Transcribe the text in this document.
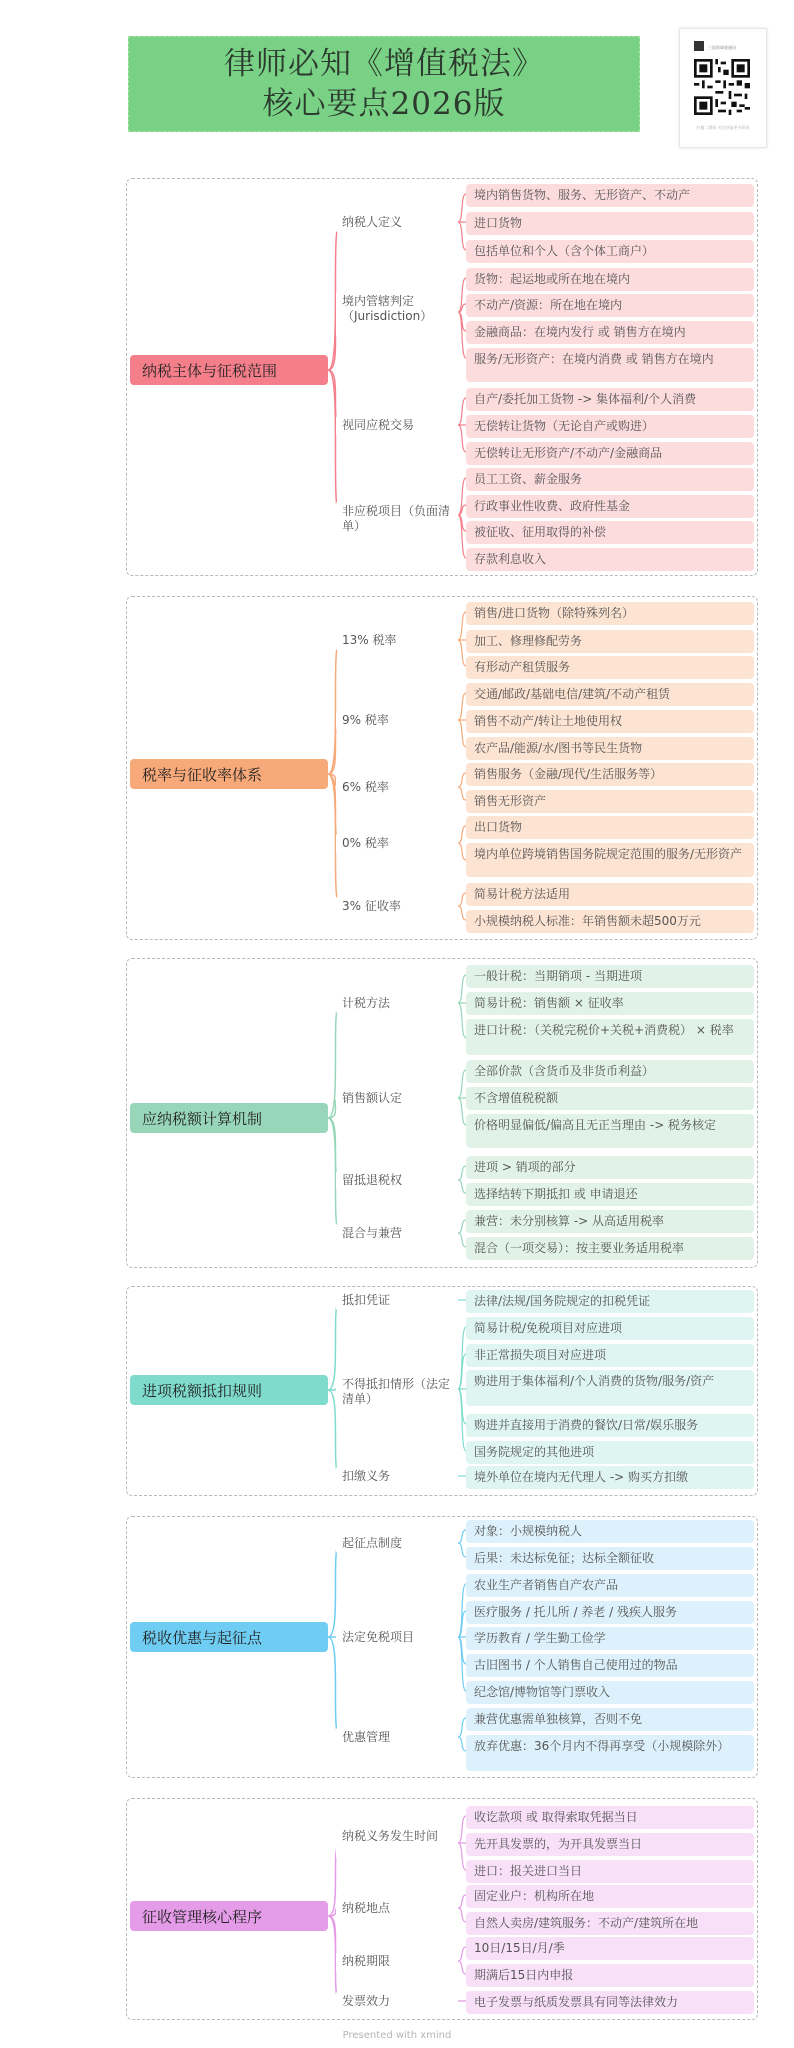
律师必知《增值税法》
核心要点2026版
三国界调查通讯
扫描二维码 关注获取更多资讯
纳税主体与征税范围
纳税人定义
境内管辖判定（Jurisdiction）
视同应税交易
非应税项目（负面清单）
境内销售货物、服务、无形资产、不动产
进口货物
包括单位和个人（含个体工商户）
货物：起运地或所在地在境内
不动产/资源：所在地在境内
金融商品：在境内发行 或 销售方在境内
服务/无形资产：在境内消费 或 销售方在境内
自产/委托加工货物 -> 集体福利/个人消费
无偿转让货物（无论自产或购进）
无偿转让无形资产/不动产/金融商品
员工工资、薪金服务
行政事业性收费、政府性基金
被征收、征用取得的补偿
存款利息收入
税率与征收率体系
13% 税率
9% 税率
6% 税率
0% 税率
3% 征收率
销售/进口货物（除特殊列名）
加工、修理修配劳务
有形动产租赁服务
交通/邮政/基础电信/建筑/不动产租赁
销售不动产/转让土地使用权
农产品/能源/水/图书等民生货物
销售服务（金融/现代/生活服务等）
销售无形资产
出口货物
境内单位跨境销售国务院规定范围的服务/无形资产
简易计税方法适用
小规模纳税人标准：年销售额未超500万元
应纳税额计算机制
计税方法
销售额认定
留抵退税权
混合与兼营
一般计税：当期销项 - 当期进项
简易计税：销售额 × 征收率
进口计税：（关税完税价+关税+消费税） × 税率
全部价款（含货币及非货币利益）
不含增值税税额
价格明显偏低/偏高且无正当理由 -> 税务核定
进项 > 销项的部分
选择结转下期抵扣 或 申请退还
兼营：未分别核算 -> 从高适用税率
混合（一项交易）：按主要业务适用税率
进项税额抵扣规则
抵扣凭证
不得抵扣情形（法定清单）
扣缴义务
法律/法规/国务院规定的扣税凭证
简易计税/免税项目对应进项
非正常损失项目对应进项
购进用于集体福利/个人消费的货物/服务/资产
购进并直接用于消费的餐饮/日常/娱乐服务
国务院规定的其他进项
境外单位在境内无代理人 -> 购买方扣缴
税收优惠与起征点
起征点制度
法定免税项目
优惠管理
对象：小规模纳税人
后果：未达标免征；达标全额征收
农业生产者销售自产农产品
医疗服务 / 托儿所 / 养老 / 残疾人服务
学历教育 / 学生勤工俭学
古旧图书 / 个人销售自己使用过的物品
纪念馆/博物馆等门票收入
兼营优惠需单独核算，否则不免
放弃优惠：36个月内不得再享受（小规模除外）
征收管理核心程序
纳税义务发生时间
纳税地点
纳税期限
发票效力
收讫款项 或 取得索取凭据当日
先开具发票的，为开具发票当日
进口：报关进口当日
固定业户：机构所在地
自然人卖房/建筑服务：不动产/建筑所在地
10日/15日/月/季
期满后15日内申报
电子发票与纸质发票具有同等法律效力
Presented with xmind
